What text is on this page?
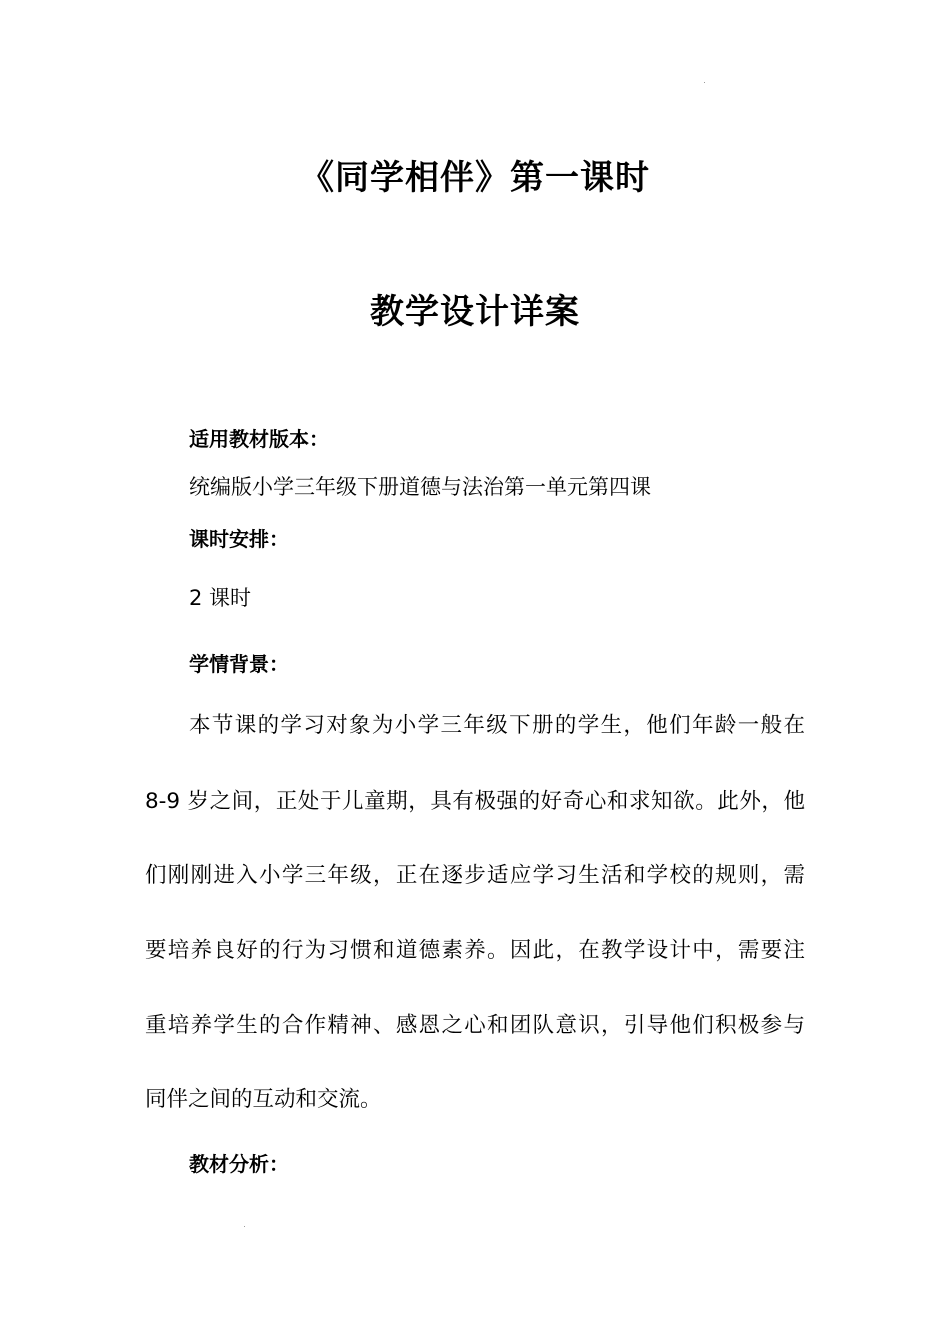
《同学相伴》第一课时
教学设计详案
适用教材版本：
统编版小学三年级下册道德与法治第一单元第四课
课时安排：
2 课时
学情背景：
本节课的学习对象为小学三年级下册的学生，他们年龄一般在
8-9 岁之间，正处于儿童期，具有极强的好奇心和求知欲。此外，他
们刚刚进入小学三年级，正在逐步适应学习生活和学校的规则，需
要培养良好的行为习惯和道德素养。因此，在教学设计中，需要注
重培养学生的合作精神、感恩之心和团队意识，引导他们积极参与
同伴之间的互动和交流。
教材分析：
